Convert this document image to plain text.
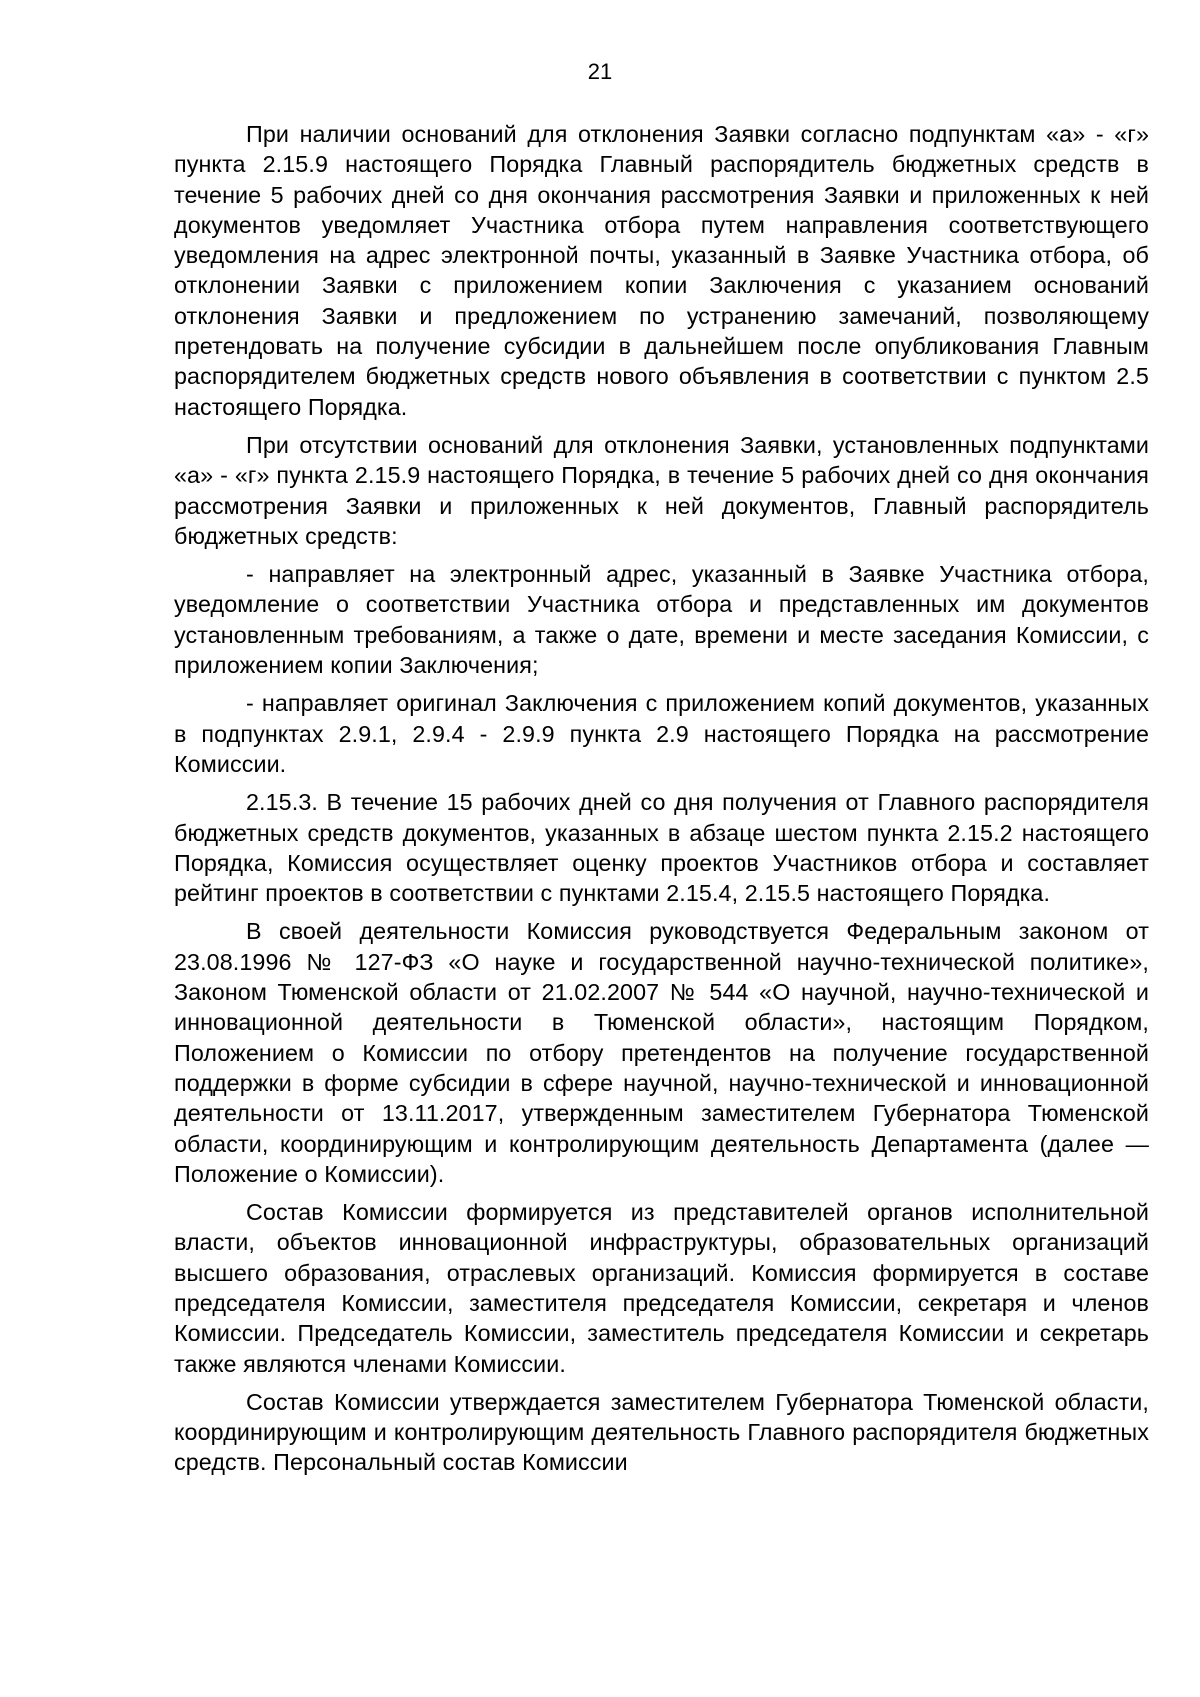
21

При наличии оснований для отклонения Заявки согласно подпунктам «а» - «г» пункта 2.15.9 настоящего Порядка Главный распорядитель бюджетных средств в течение 5 рабочих дней со дня окончания рассмотрения Заявки и приложенных к ней документов уведомляет Участника отбора путем направления соответствующего уведомления на адрес электронной почты, указанный в Заявке Участника отбора, об отклонении Заявки с приложением копии Заключения с указанием оснований отклонения Заявки и предложением по устранению замечаний, позволяющему претендовать на получение субсидии в дальнейшем после опубликования Главным распорядителем бюджетных средств нового объявления в соответствии с пунктом 2.5 настоящего Порядка.

При отсутствии оснований для отклонения Заявки, установленных подпунктами «а» - «г» пункта 2.15.9 настоящего Порядка, в течение 5 рабочих дней со дня окончания рассмотрения Заявки и приложенных к ней документов, Главный распорядитель бюджетных средств:

- направляет на электронный адрес, указанный в Заявке Участника отбора, уведомление о соответствии Участника отбора и представленных им документов установленным требованиям, а также о дате, времени и месте заседания Комиссии, с приложением копии Заключения;

- направляет оригинал Заключения с приложением копий документов, указанных в подпунктах 2.9.1, 2.9.4 - 2.9.9 пункта 2.9 настоящего Порядка на рассмотрение Комиссии.

2.15.3. В течение 15 рабочих дней со дня получения от Главного распорядителя бюджетных средств документов, указанных в абзаце шестом пункта 2.15.2 настоящего Порядка, Комиссия осуществляет оценку проектов Участников отбора и составляет рейтинг проектов в соответствии с пунктами 2.15.4, 2.15.5 настоящего Порядка.

В своей деятельности Комиссия руководствуется Федеральным законом от 23.08.1996 № 127-ФЗ «О науке и государственной научно-технической политике», Законом Тюменской области от 21.02.2007 № 544 «О научной, научно-технической и инновационной деятельности в Тюменской области», настоящим Порядком, Положением о Комиссии по отбору претендентов на получение государственной поддержки в форме субсидии в сфере научной, научно-технической и инновационной деятельности от 13.11.2017, утвержденным заместителем Губернатора Тюменской области, координирующим и контролирующим деятельность Департамента (далее — Положение о Комиссии).

Состав Комиссии формируется из представителей органов исполнительной власти, объектов инновационной инфраструктуры, образовательных организаций высшего образования, отраслевых организаций. Комиссия формируется в составе председателя Комиссии, заместителя председателя Комиссии, секретаря и членов Комиссии. Председатель Комиссии, заместитель председателя Комиссии и секретарь также являются членами Комиссии.

Состав Комиссии утверждается заместителем Губернатора Тюменской области, координирующим и контролирующим деятельность Главного распорядителя бюджетных средств. Персональный состав Комиссии
